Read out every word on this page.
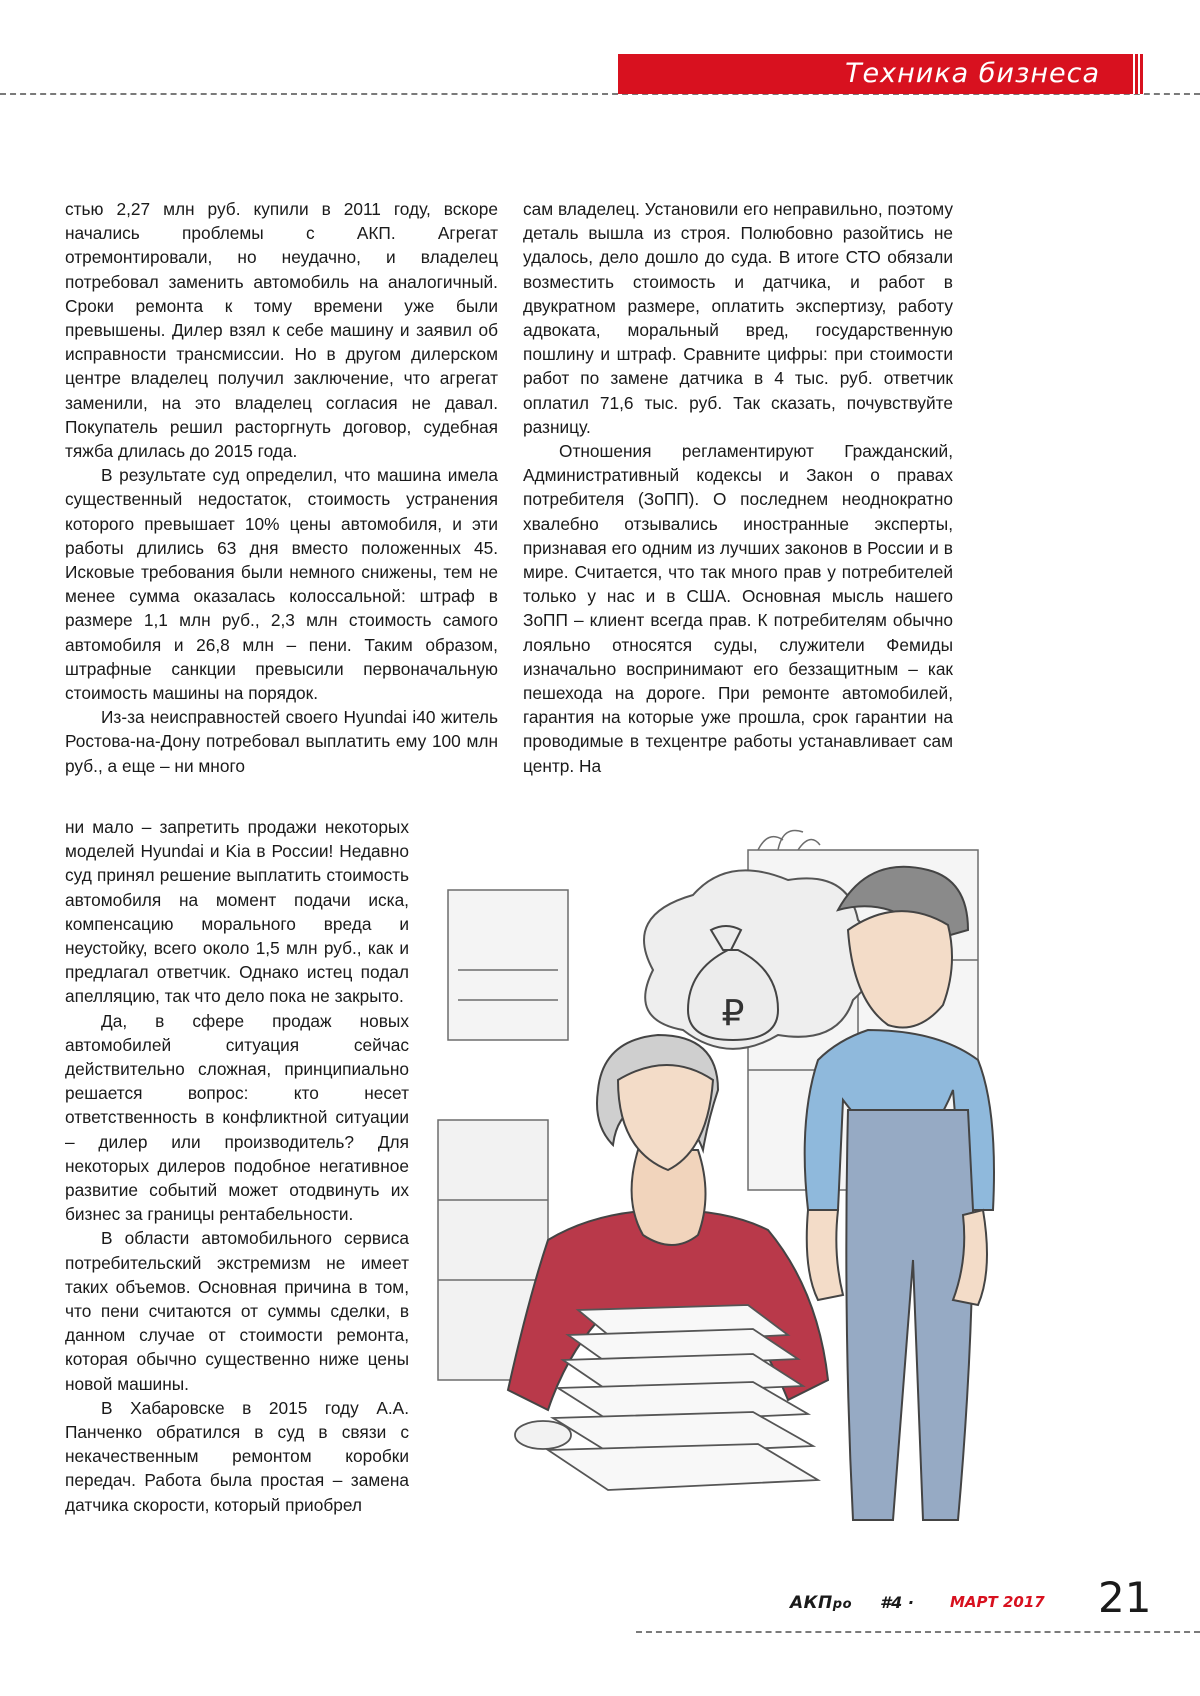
Техника бизнеса

стью 2,27 млн руб. купили в 2011 году, вскоре начались проблемы с АКП. Агрегат отремонтировали, но неудачно, и владелец потребовал заменить автомобиль на аналогичный. Сроки ремонта к тому времени уже были превышены. Дилер взял к себе машину и заявил об исправности трансмиссии. Но в другом дилерском центре владелец получил заключение, что агрегат заменили, на это владелец согласия не давал. Покупатель решил расторгнуть договор, судебная тяжба длилась до 2015 года.

В результате суд определил, что машина имела существенный недостаток, стоимость устранения которого превышает 10% цены автомобиля, и эти работы длились 63 дня вместо положенных 45. Исковые требования были немного снижены, тем не менее сумма оказалась колоссальной: штраф в размере 1,1 млн руб., 2,3 млн стоимость самого автомобиля и 26,8 млн – пени. Таким образом, штрафные санкции превысили первоначальную стоимость машины на порядок.

Из-за неисправностей своего Hyundai i40 житель Ростова-на-Дону потребовал выплатить ему 100 млн руб., а еще – ни много

ни мало – запретить продажи некоторых моделей Hyundai и Kia в России! Недавно суд принял решение выплатить стоимость автомобиля на момент подачи иска, компенсацию морального вреда и неустойку, всего около 1,5 млн руб., как и предлагал ответчик. Однако истец подал апелляцию, так что дело пока не закрыто.

Да, в сфере продаж новых автомобилей ситуация сейчас действительно сложная, принципиально решается вопрос: кто несет ответственность в конфликтной ситуации – дилер или производитель? Для некоторых дилеров подобное негативное развитие событий может отодвинуть их бизнес за границы рентабельности.

В области автомобильного сервиса потребительский экстремизм не имеет таких объемов. Основная причина в том, что пени считаются от суммы сделки, в данном случае от стоимости ремонта, которая обычно существенно ниже цены новой машины.

В Хабаровске в 2015 году А.А. Панченко обратился в суд в связи с некачественным ремонтом коробки передач. Работа была простая – замена датчика скорости, который приобрел

сам владелец. Установили его неправильно, поэтому деталь вышла из строя. Полюбовно разойтись не удалось, дело дошло до суда. В итоге СТО обязали возместить стоимость и датчика, и работ в двукратном размере, оплатить экспертизу, работу адвоката, моральный вред, государственную пошлину и штраф. Сравните цифры: при стоимости работ по замене датчика в 4 тыс. руб. ответчик оплатил 71,6 тыс. руб. Так сказать, почувствуйте разницу.

Отношения регламентируют Гражданский, Административный кодексы и Закон о правах потребителя (ЗоПП). О последнем неоднократно хвалебно отзывались иностранные эксперты, признавая его одним из лучших законов в России и в мире. Считается, что так много прав у потребителей только у нас и в США. Основная мысль нашего ЗоПП – клиент всегда прав. К потребителям обычно лояльно относятся суды, служители Фемиды изначально воспринимают его беззащитным – как пешехода на дороге. При ремонте автомобилей, гарантия на которые уже прошла, срок гарантии на проводимые в техцентре работы устанавливает сам центр. На

₽
АКПро #4 · МАРТ 2017 21
